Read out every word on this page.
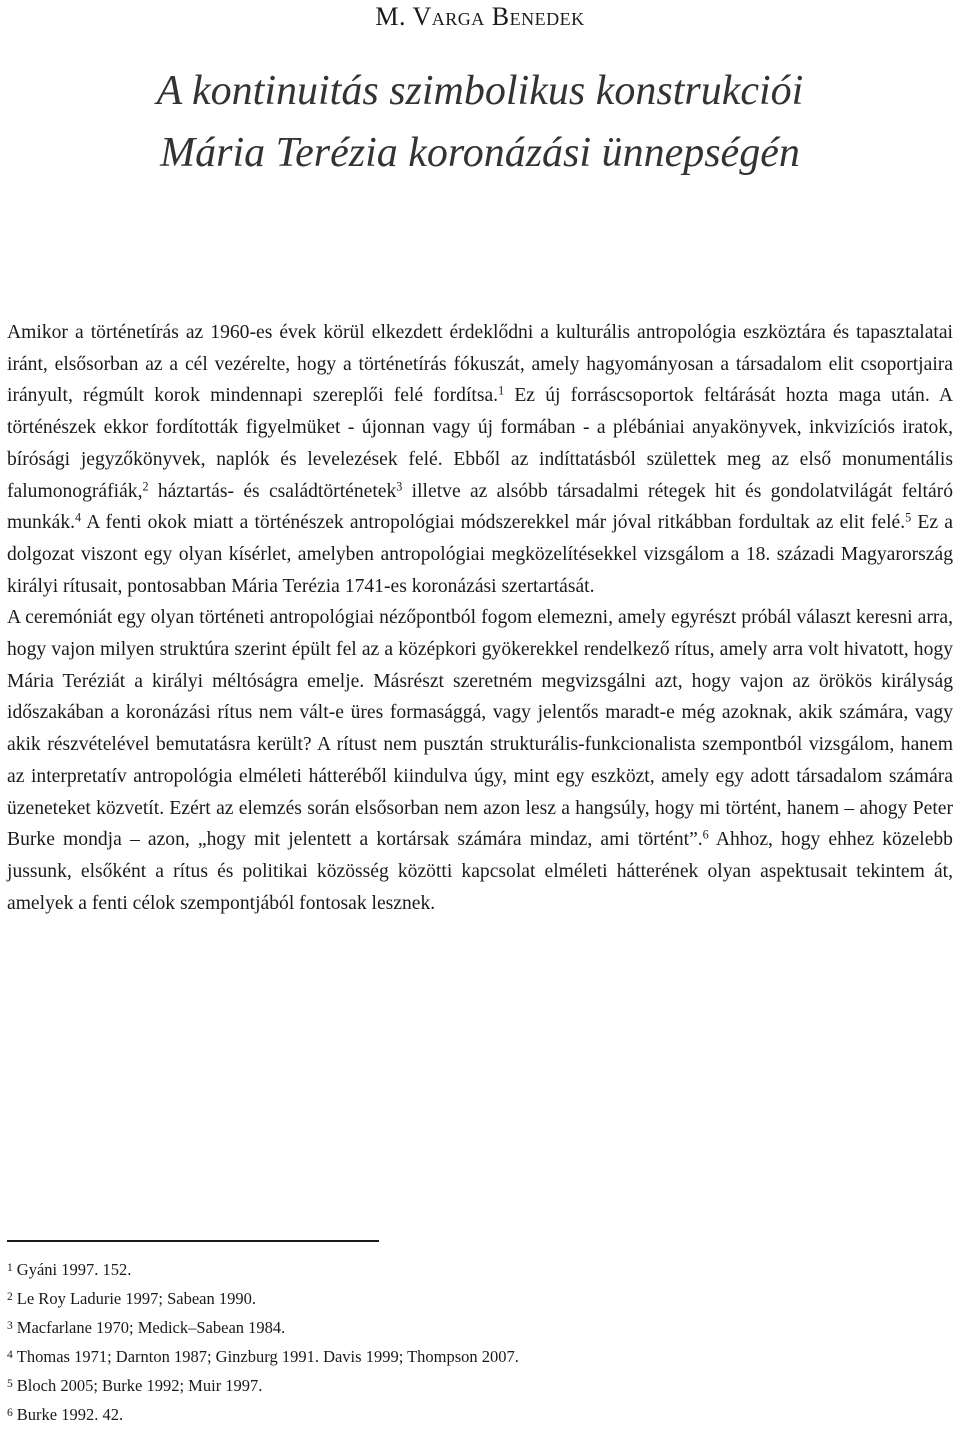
M. Varga Benedek
A kontinuitás szimbolikus konstrukciói
Mária Terézia koronázási ünnepségén

Amikor a történetírás az 1960-es évek körül elkezdett érdeklődni a kulturális antropológia eszköztára és tapasztalatai iránt, elsősorban az a cél vezérelte, hogy a történetírás fókuszát, amely hagyományosan a társadalom elit csoportjaira irányult, régmúlt korok mindennapi szereplői felé fordítsa.$^1$ Ez új forráscsoportok feltárását hozta maga után. A történészek ekkor fordították figyelmüket - újonnan vagy új formában - a plébániai anyakönyvek, inkvizíciós iratok, bírósági jegyzőkönyvek, naplók és levelezések felé. Ebből az indíttatásból születtek meg az első monumentális falumonográfiák,$^2$ háztartás- és családtörténetek$^3$ illetve az alsóbb társadalmi rétegek hit és gondolatvilágát feltáró munkák.$^4$ A fenti okok miatt a történészek antropológiai módszerekkel már jóval ritkábban fordultak az elit felé.$^5$ Ez a dolgozat viszont egy olyan kísérlet, amelyben antropológiai megközelítésekkel vizsgálom a 18. századi Magyarország királyi rítusait, pontosabban Mária Terézia 1741-es koronázási szertartását.

A ceremóniát egy olyan történeti antropológiai nézőpontból fogom elemezni, amely egyrészt próbál választ keresni arra, hogy vajon milyen struktúra szerint épült fel az a középkori gyökerekkel rendelkező rítus, amely arra volt hivatott, hogy Mária Teréziát a királyi méltóságra emelje. Másrészt szeretném megvizsgálni azt, hogy vajon az örökös királyság időszakában a koronázási rítus nem vált-e üres formasággá, vagy jelentős maradt-e még azoknak, akik számára, vagy akik részvételével bemutatásra került? A rítust nem pusztán strukturális-funkcionalista szempontból vizsgálom, hanem az interpretatív antropológia elméleti hátteréből kiindulva úgy, mint egy eszközt, amely egy adott társadalom számára üzeneteket közvetít. Ezért az elemzés során elsősorban nem azon lesz a hangsúly, hogy mi történt, hanem – ahogy Peter Burke mondja – azon, „hogy mit jelentett a kortársak számára mindaz, ami történt”.$^6$ Ahhoz, hogy ehhez közelebb jussunk, elsőként a rítus és politikai közösség közötti kapcsolat elméleti hátterének olyan aspektusait tekintem át, amelyek a fenti célok szempontjából fontosak lesznek.

$^1$ Gyáni 1997. 152.
$^2$ Le Roy Ladurie 1997; Sabean 1990.
$^3$ Macfarlane 1970; Medick–Sabean 1984.
$^4$ Thomas 1971; Darnton 1987; Ginzburg 1991. Davis 1999; Thompson 2007.
$^5$ Bloch 2005; Burke 1992; Muir 1997.
$^6$ Burke 1992. 42.
